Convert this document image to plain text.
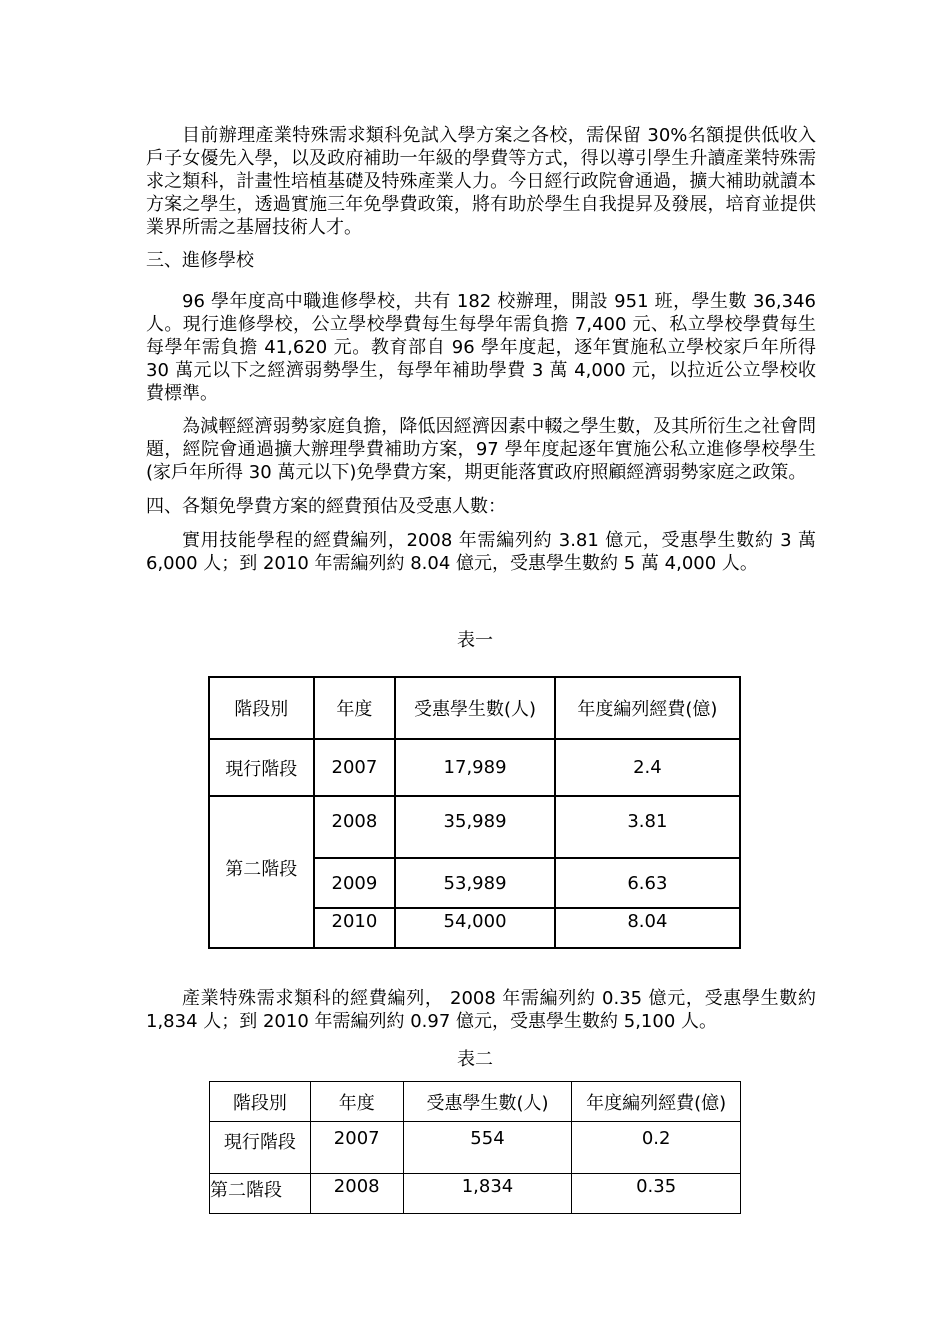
目前辦理產業特殊需求類科免試入學方案之各校，需保留 30%名額提供低收入戶子女優先入學，以及政府補助一年級的學費等方式，得以導引學生升讀產業特殊需求之類科，計畫性培植基礎及特殊產業人力。今日經行政院會通過，擴大補助就讀本方案之學生，透過實施三年免學費政策，將有助於學生自我提昇及發展，培育並提供業界所需之基層技術人才。

三、進修學校

96 學年度高中職進修學校，共有 182 校辦理，開設 951 班，學生數 36,346 人。現行進修學校，公立學校學費每生每學年需負擔 7,400 元、私立學校學費每生每學年需負擔 41,620 元。教育部自 96 學年度起，逐年實施私立學校家戶年所得 30 萬元以下之經濟弱勢學生，每學年補助學費 3 萬 4,000 元，以拉近公立學校收費標準。

為減輕經濟弱勢家庭負擔，降低因經濟因素中輟之學生數，及其所衍生之社會問題，經院會通過擴大辦理學費補助方案，97 學年度起逐年實施公私立進修學校學生(家戶年所得 30 萬元以下)免學費方案，期更能落實政府照顧經濟弱勢家庭之政策。

四、各類免學費方案的經費預估及受惠人數：

實用技能學程的經費編列，2008 年需編列約 3.81 億元，受惠學生數約 3 萬 6,000 人；到 2010 年需編列約 8.04 億元，受惠學生數約 5 萬 4,000 人。

表一
階段別	年度	受惠學生數(人)	年度編列經費(億)
現行階段	2007	17,989	2.4
第二階段	2008	35,989	3.81
	2009	53,989	6.63
	2010	54,000	8.04

產業特殊需求類科的經費編列， 2008 年需編列約 0.35 億元，受惠學生數約 1,834 人；到 2010 年需編列約 0.97 億元，受惠學生數約 5,100 人。

表二
階段別	年度	受惠學生數(人)	年度編列經費(億)
現行階段	2007	554	0.2
第二階段	2008	1,834	0.35
